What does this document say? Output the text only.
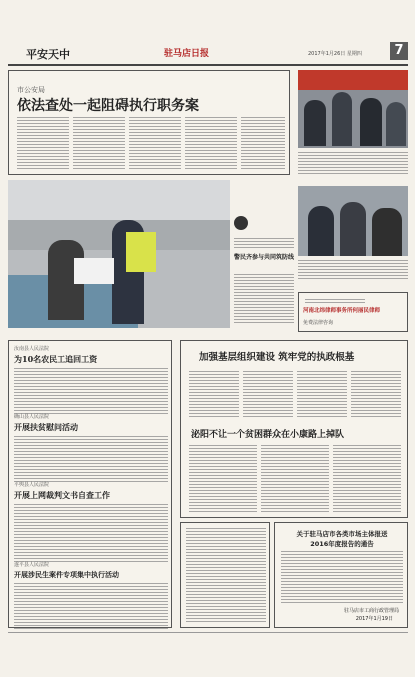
平安天中	驻马店日报	2017年1月26日 星期四	7
市公安局
依法查处一起阻碍执行职务案
警民齐参与共同筑防线
河南北纬律师事务所何丽民律师
免费法律咨询
汝南县人民法院
为10名农民工追回工资
确山县人民法院
开展扶贫慰问活动
平舆县人民法院
开展上网裁判文书自查工作
遂平县人民法院
开展涉民生案件专项集中执行活动
加强基层组织建设 筑牢党的执政根基
泌阳不让一个贫困群众在小康路上掉队
关于驻马店市各类市场主体报送
2016年度报告的通告
驻马店市工商行政管理局
2017年1月19日
